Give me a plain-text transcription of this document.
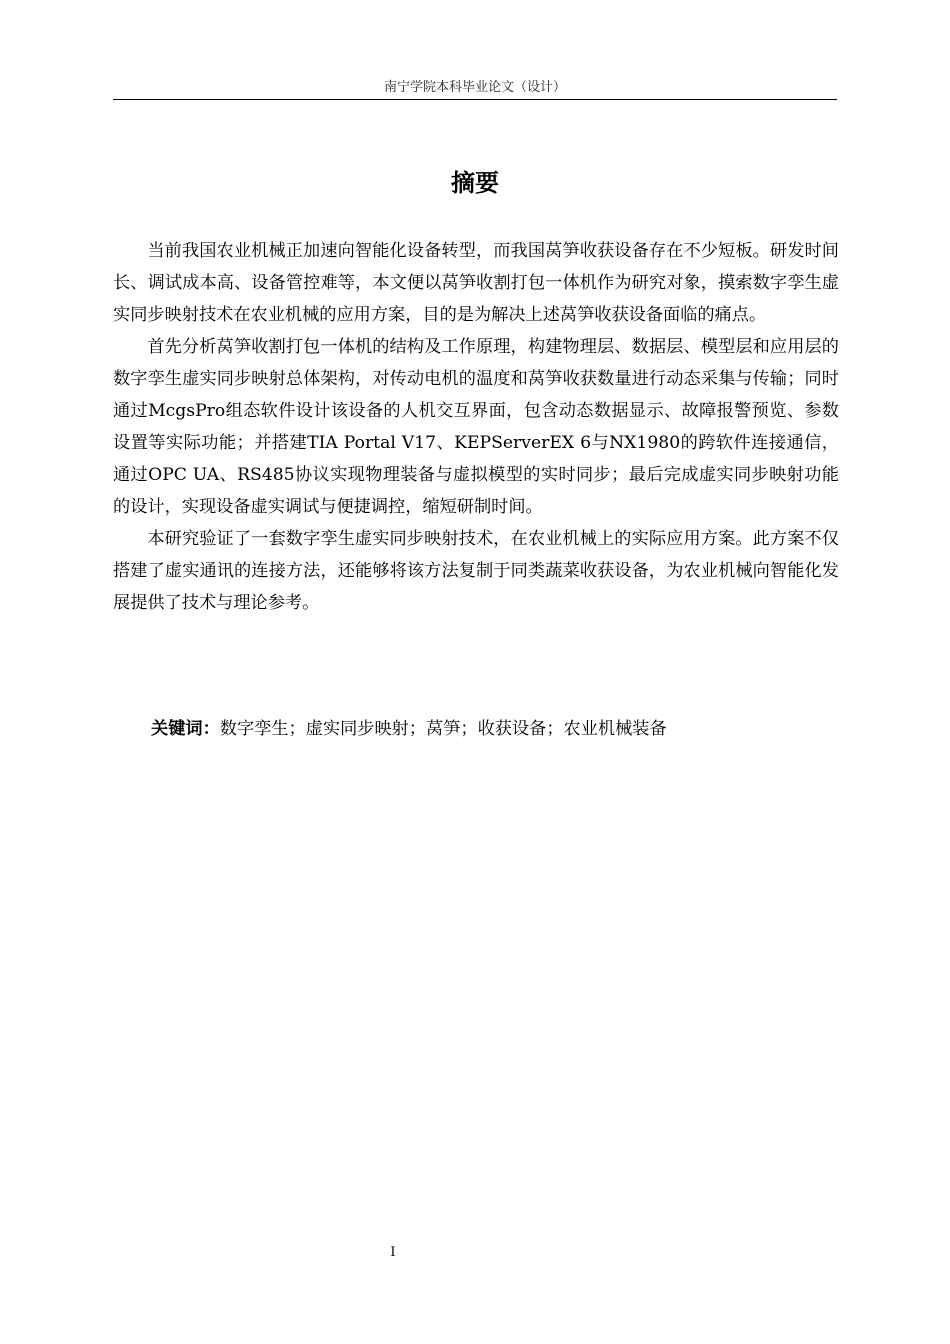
南宁学院本科毕业论文（设计）
摘要

当前我国农业机械正加速向智能化设备转型，而我国莴笋收获设备存在不少短板。研发时间长、调试成本高、设备管控难等，本文便以莴笋收割打包一体机作为研究对象，摸索数字孪生虚实同步映射技术在农业机械的应用方案，目的是为解决上述莴笋收获设备面临的痛点。

首先分析莴笋收割打包一体机的结构及工作原理，构建物理层、数据层、模型层和应用层的数字孪生虚实同步映射总体架构，对传动电机的温度和莴笋收获数量进行动态采集与传输；同时通过McgsPro组态软件设计该设备的人机交互界面，包含动态数据显示、故障报警预览、参数设置等实际功能；并搭建TIA Portal V17、KEPServerEX 6与NX1980的跨软件连接通信，通过OPC UA、RS485协议实现物理装备与虚拟模型的实时同步；最后完成虚实同步映射功能的设计，实现设备虚实调试与便捷调控，缩短研制时间。

本研究验证了一套数字孪生虚实同步映射技术，在农业机械上的实际应用方案。此方案不仅搭建了虚实通讯的连接方法，还能够将该方法复制于同类蔬菜收获设备，为农业机械向智能化发展提供了技术与理论参考。

关键词：数字孪生；虚实同步映射；莴笋；收获设备；农业机械装备
I
